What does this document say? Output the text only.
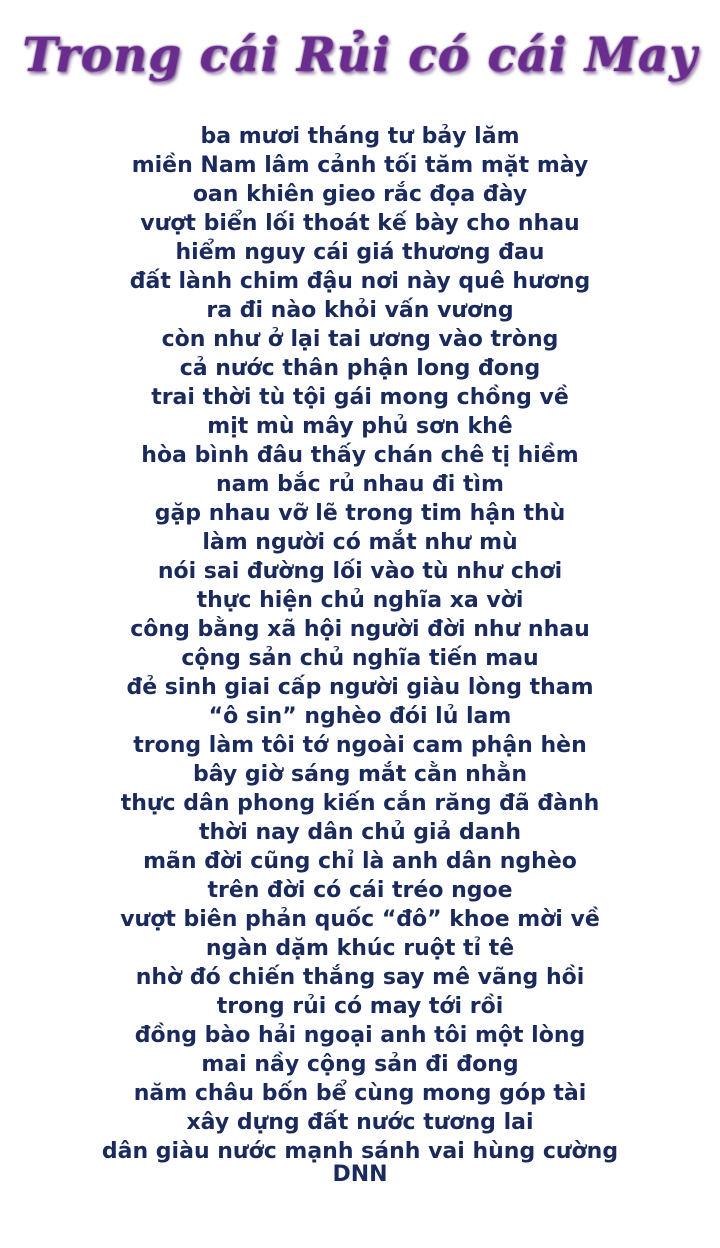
Trong cái Rủi có cái May
ba mươi tháng tư bảy lăm
miền Nam lâm cảnh tối tăm mặt mày
oan khiên gieo rắc đọa đày
vượt biển lối thoát kế bày cho nhau
hiểm nguy cái giá thương đau
đất lành chim đậu nơi này quê hương
ra đi nào khỏi vấn vương
còn như ở lại tai ương vào tròng
cả nước thân phận long đong
trai thời tù tội gái mong chồng về
mịt mù mây phủ sơn khê
hòa bình đâu thấy chán chê tị hiềm
nam bắc rủ nhau đi tìm
gặp nhau vỡ lẽ trong tim hận thù
làm người có mắt như mù
nói sai đường lối vào tù như chơi
thực hiện chủ nghĩa xa vời
công bằng xã hội người đời như nhau
cộng sản chủ nghĩa tiến mau
đẻ sinh giai cấp người giàu lòng tham
“ô sin” nghèo đói lủ lam
trong làm tôi tớ ngoài cam phận hèn
bây giờ sáng mắt cằn nhằn
thực dân phong kiến cắn răng đã đành
thời nay dân chủ giả danh
mãn đời cũng chỉ là anh dân nghèo
trên đời có cái tréo ngoe
vượt biên phản quốc “đô” khoe mời về
ngàn dặm khúc ruột tỉ tê
nhờ đó chiến thắng say mê vãng hồi
trong rủi có may tới rồi
đồng bào hải ngoại anh tôi một lòng
mai nầy cộng sản đi đong
năm châu bốn bể cùng mong góp tài
xây dựng đất nước tương lai
dân giàu nước mạnh sánh vai hùng cường
DNN
